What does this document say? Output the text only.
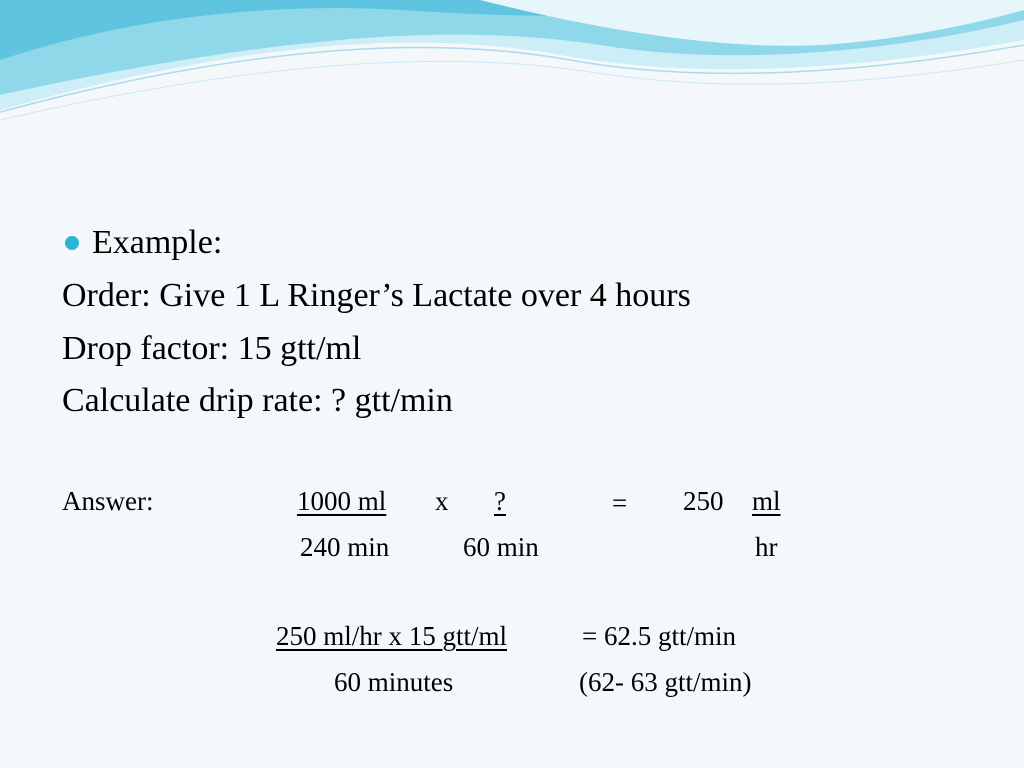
Example:
Order: Give 1 L Ringer’s Lactate over 4 hours
Drop factor: 15 gtt/ml
Calculate drip rate: ? gtt/min
Answer:	1000 ml x ?	= 250 ml
240 min	60 min	hr
250 ml/hr x 15 gtt/ml	= 62.5 gtt/min
60 minutes	(62- 63 gtt/min)
